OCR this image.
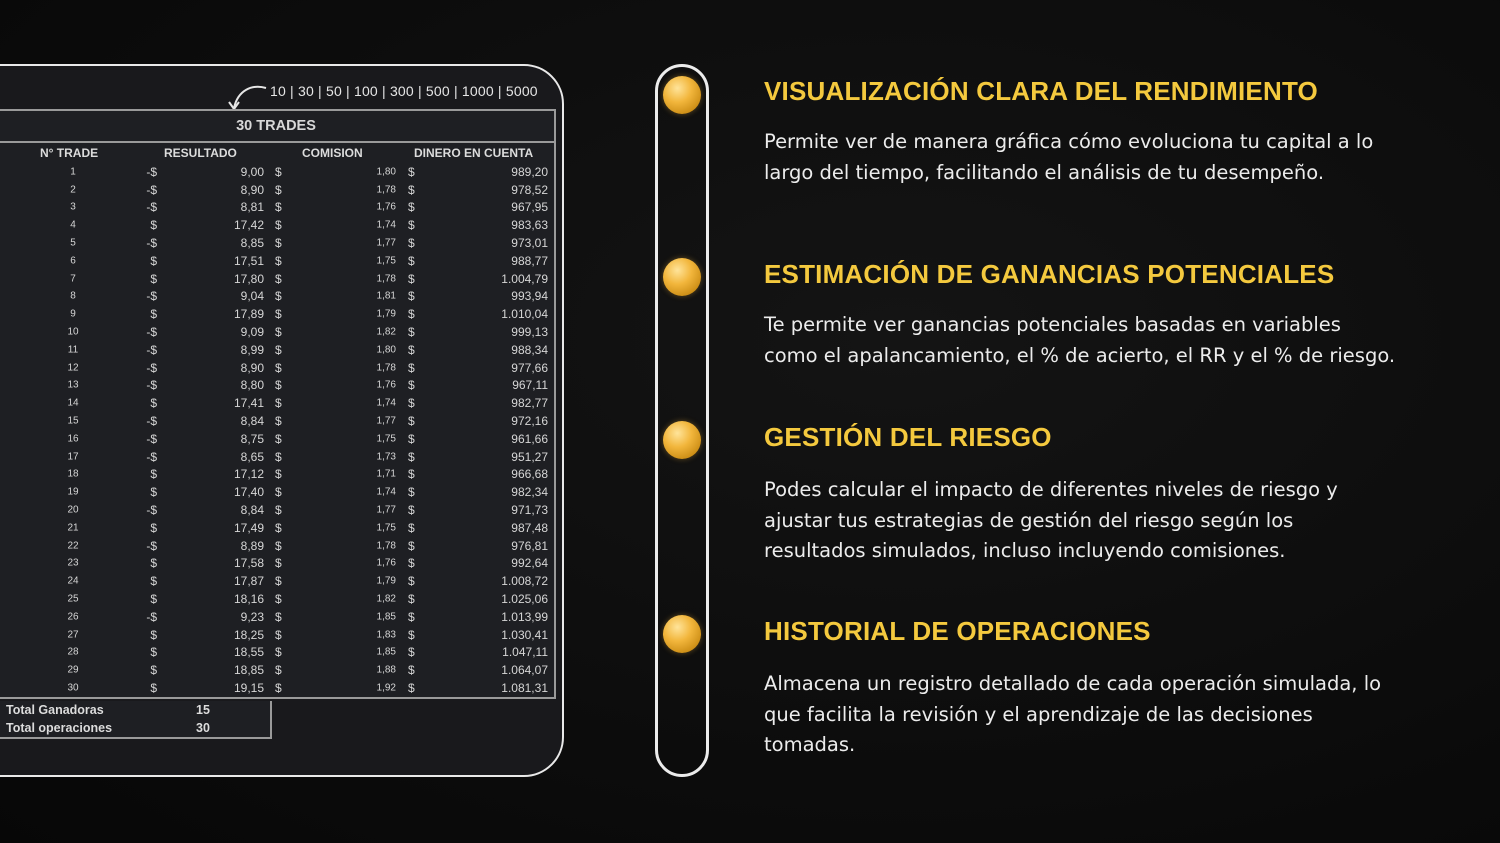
10 | 30 | 50 | 100 | 300 | 500 | 1000 | 5000
30 TRADES
N° TRADE	RESULTADO	COMISION	DINERO EN CUENTA
1	-$	9,00 $	1,80 $	989,20
2	-$	8,90 $	1,78 $	978,52
3	-$	8,81 $	1,76 $	967,95
4	$	17,42 $	1,74 $	983,63
5	-$	8,85 $	1,77 $	973,01
6	$	17,51 $	1,75 $	988,77
7	$	17,80 $	1,78 $	1.004,79
8	-$	9,04 $	1,81 $	993,94
9	$	17,89 $	1,79 $	1.010,04
10	-$	9,09 $	1,82 $	999,13
11	-$	8,99 $	1,80 $	988,34
12	-$	8,90 $	1,78 $	977,66
13	-$	8,80 $	1,76 $	967,11
14	$	17,41 $	1,74 $	982,77
15	-$	8,84 $	1,77 $	972,16
16	-$	8,75 $	1,75 $	961,66
17	-$	8,65 $	1,73 $	951,27
18	$	17,12 $	1,71 $	966,68
19	$	17,40 $	1,74 $	982,34
20	-$	8,84 $	1,77 $	971,73
21	$	17,49 $	1,75 $	987,48
22	-$	8,89 $	1,78 $	976,81
23	$	17,58 $	1,76 $	992,64
24	$	17,87 $	1,79 $	1.008,72
25	$	18,16 $	1,82 $	1.025,06
26	-$	9,23 $	1,85 $	1.013,99
27	$	18,25 $	1,83 $	1.030,41
28	$	18,55 $	1,85 $	1.047,11
29	$	18,85 $	1,88 $	1.064,07
30	$	19,15 $	1,92 $	1.081,31
Total Ganadoras	15
Total operaciones	30
VISUALIZACIÓN CLARA DEL RENDIMIENTO

Permite ver de manera gráfica cómo evoluciona tu capital a lo
largo del tiempo, facilitando el análisis de tu desempeño.

ESTIMACIÓN DE GANANCIAS POTENCIALES

Te permite ver ganancias potenciales basadas en variables
como el apalancamiento, el % de acierto, el RR y el % de riesgo.

GESTIÓN DEL RIESGO

Podes calcular el impacto de diferentes niveles de riesgo y
ajustar tus estrategias de gestión del riesgo según los
resultados simulados, incluso incluyendo comisiones.

HISTORIAL DE OPERACIONES

Almacena un registro detallado de cada operación simulada, lo
que facilita la revisión y el aprendizaje de las decisiones
tomadas.
